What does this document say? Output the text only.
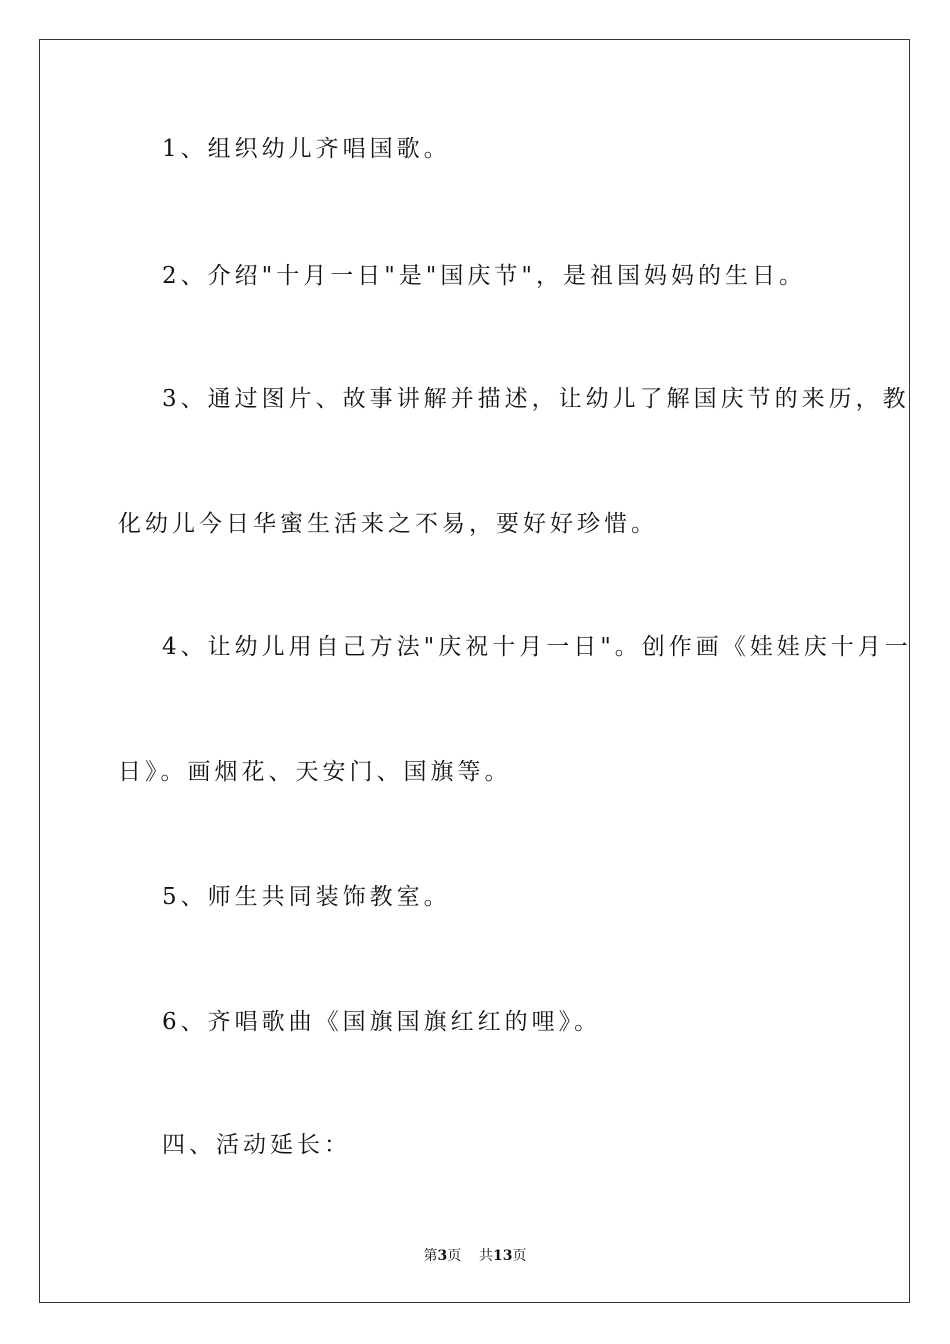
1、组织幼儿齐唱国歌。
2、介绍"十月一日"是"国庆节"，是祖国妈妈的生日。
3、通过图片、故事讲解并描述，让幼儿了解国庆节的来历，教
化幼儿今日华蜜生活来之不易，要好好珍惜。
4、让幼儿用自己方法"庆祝十月一日"。创作画《娃娃庆十月一
日》。画烟花、天安门、国旗等。
5、师生共同装饰教室。
6、齐唱歌曲《国旗国旗红红的哩》。
四、活动延长：
第3页 共13页
